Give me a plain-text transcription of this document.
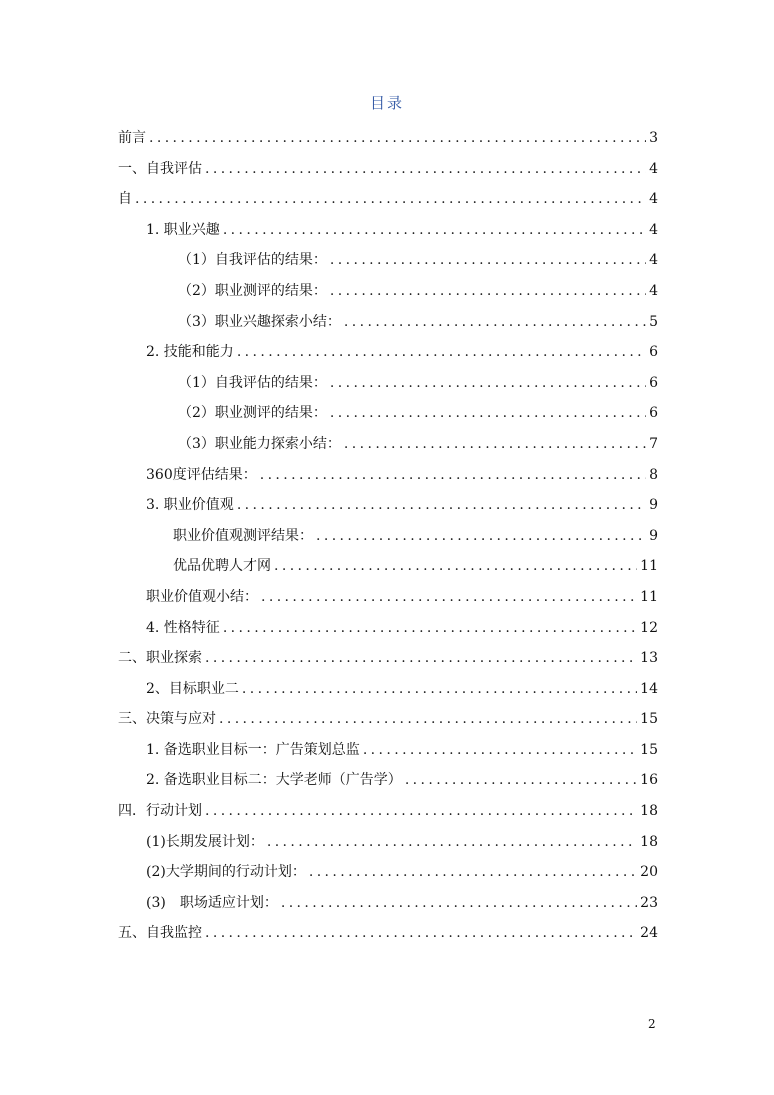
目录
前言 .....	3
一、自我评估 .....	4
自 .....	4
1. 职业兴趣 .....	4
（1）自我评估的结果： .....	4
（2）职业测评的结果： .....	4
（3）职业兴趣探索小结： .....	5
2. 技能和能力 .....	6
（1）自我评估的结果： .....	6
（2）职业测评的结果： .....	6
（3）职业能力探索小结： .....	7
360度评估结果： .....	8
3. 职业价值观 .....	9
职业价值观测评结果： .....	9
优品优聘人才网 .....	11
职业价值观小结： .....	11
4. 性格特征 .....	12
二、职业探索 .....	13
2、目标职业二 .....	14
三、决策与应对 .....	15
1. 备选职业目标一：广告策划总监 .....	15
2. 备选职业目标二：大学老师（广告学） .....	16
四．行动计划 .....	18
(1)长期发展计划： .....	18
(2)大学期间的行动计划： .....	20
(3)　职场适应计划： .....	23
五、自我监控 .....	24
2
